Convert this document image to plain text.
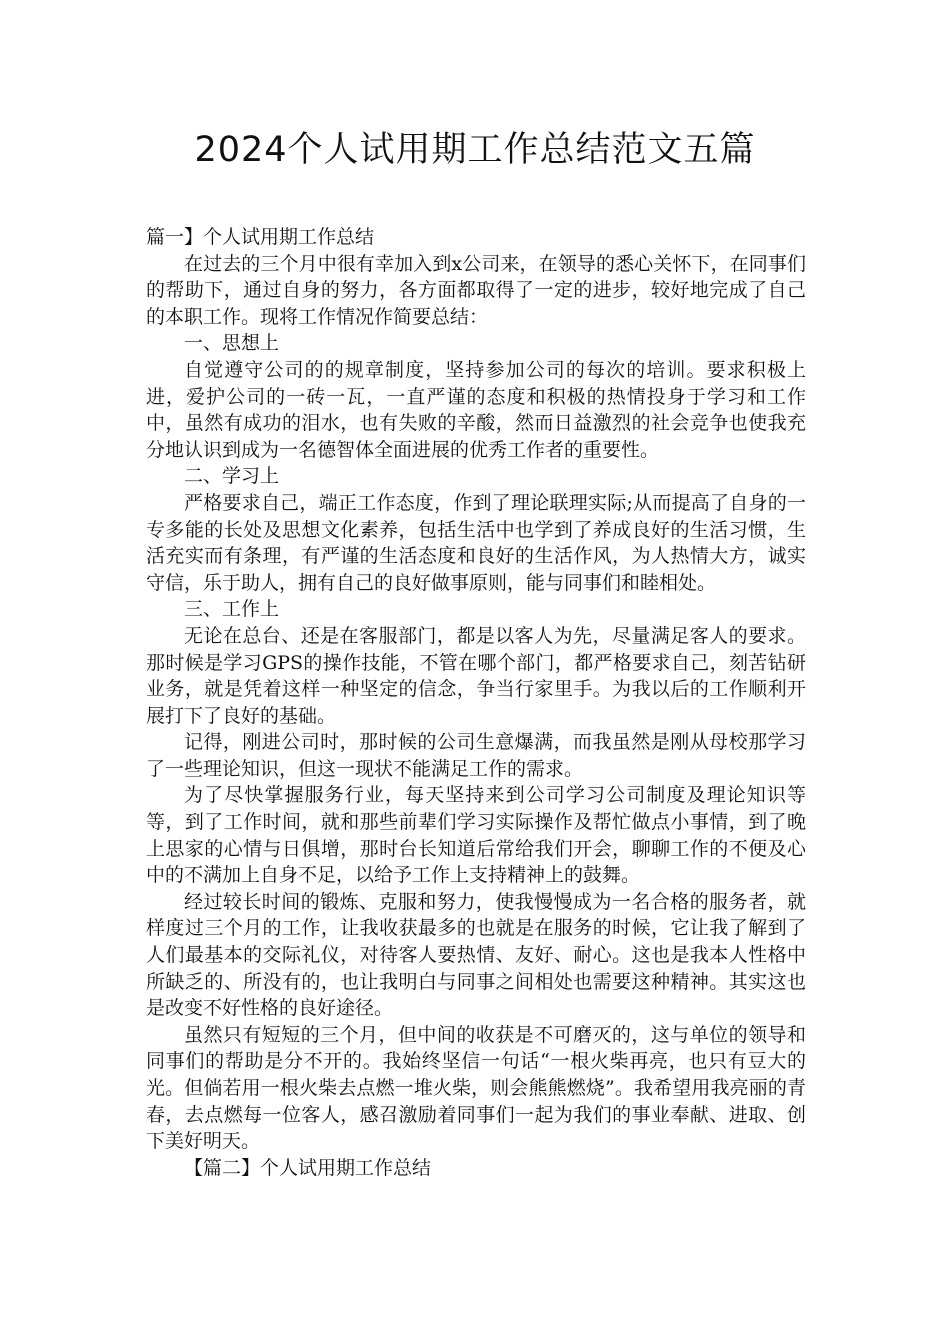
2024个人试用期工作总结范文五篇

篇一】个人试用期工作总结

在过去的三个月中很有幸加入到x公司来，在领导的悉心关怀下，在同事们的帮助下，通过自身的努力，各方面都取得了一定的进步，较好地完成了自己的本职工作。现将工作情况作简要总结：

一、思想上

自觉遵守公司的的规章制度，坚持参加公司的每次的培训。要求积极上进，爱护公司的一砖一瓦，一直严谨的态度和积极的热情投身于学习和工作中，虽然有成功的泪水，也有失败的辛酸，然而日益激烈的社会竞争也使我充分地认识到成为一名德智体全面进展的优秀工作者的重要性。

二、学习上

严格要求自己，端正工作态度，作到了理论联理实际;从而提高了自身的一专多能的长处及思想文化素养，包括生活中也学到了养成良好的生活习惯，生活充实而有条理，有严谨的生活态度和良好的生活作风，为人热情大方，诚实守信，乐于助人，拥有自己的良好做事原则，能与同事们和睦相处。

三、工作上

无论在总台、还是在客服部门，都是以客人为先，尽量满足客人的要求。那时候是学习GPS的操作技能，不管在哪个部门，都严格要求自己，刻苦钻研业务，就是凭着这样一种坚定的信念，争当行家里手。为我以后的工作顺利开展打下了良好的基础。

记得，刚进公司时，那时候的公司生意爆满，而我虽然是刚从母校那学习了一些理论知识，但这一现状不能满足工作的需求。

为了尽快掌握服务行业，每天坚持来到公司学习公司制度及理论知识等等，到了工作时间，就和那些前辈们学习实际操作及帮忙做点小事情，到了晚上思家的心情与日俱增，那时台长知道后常给我们开会，聊聊工作的不便及心中的不满加上自身不足，以给予工作上支持精神上的鼓舞。

经过较长时间的锻炼、克服和努力，使我慢慢成为一名合格的服务者，就样度过三个月的工作，让我收获最多的也就是在服务的时候，它让我了解到了人们最基本的交际礼仪，对待客人要热情、友好、耐心。这也是我本人性格中所缺乏的、所没有的，也让我明白与同事之间相处也需要这种精神。其实这也是改变不好性格的良好途径。

虽然只有短短的三个月，但中间的收获是不可磨灭的，这与单位的领导和同事们的帮助是分不开的。我始终坚信一句话“一根火柴再亮，也只有豆大的光。但倘若用一根火柴去点燃一堆火柴，则会熊熊燃烧”。我希望用我亮丽的青春，去点燃每一位客人，感召激励着同事们一起为我们的事业奉献、进取、创下美好明天。

【篇二】个人试用期工作总结
